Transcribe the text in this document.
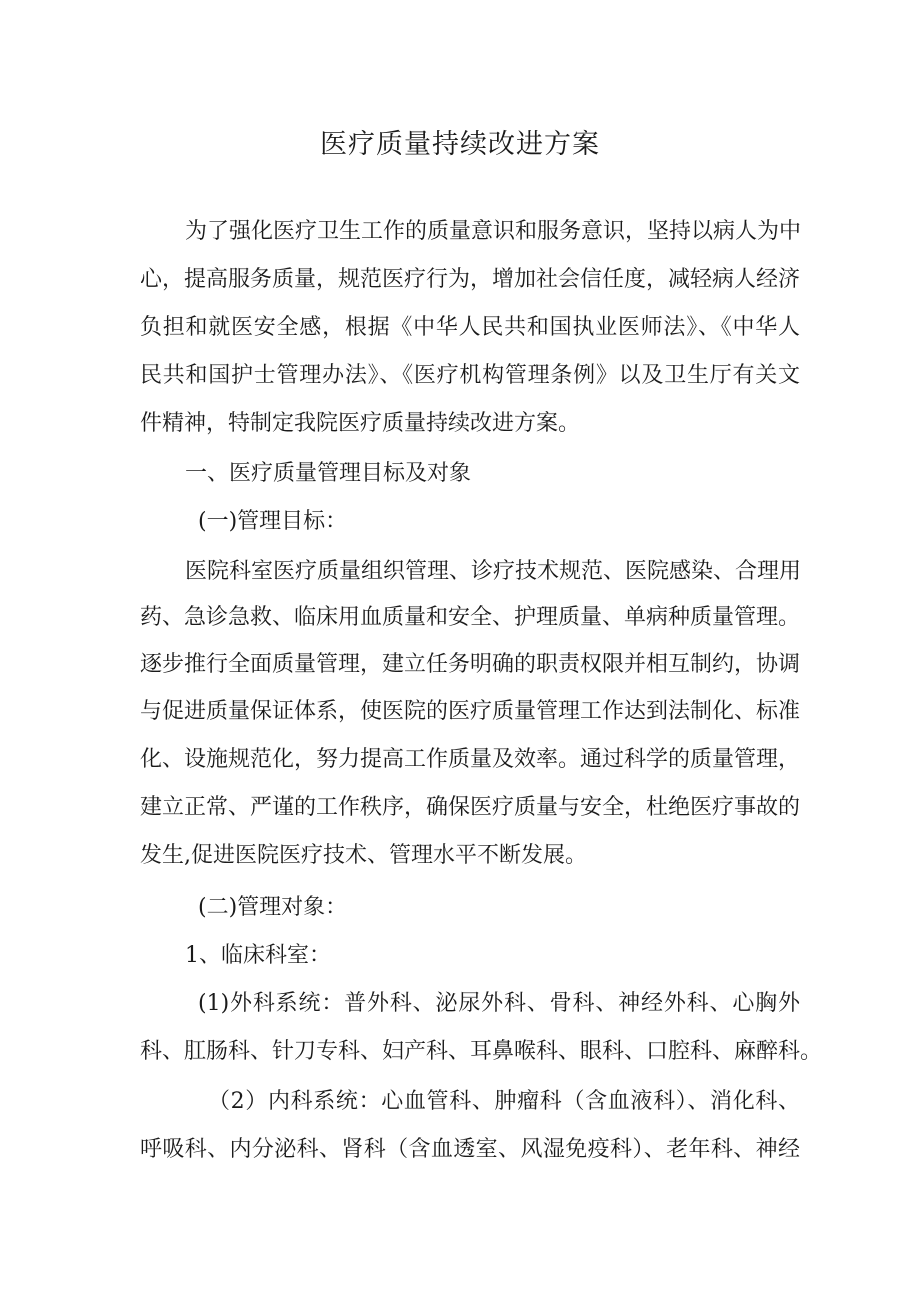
医疗质量持续改进方案

为了强化医疗卫生工作的质量意识和服务意识，坚持以病人为中

心，提高服务质量，规范医疗行为，增加社会信任度，减轻病人经济

负担和就医安全感，根据《中华人民共和国执业医师法》、《中华人

民共和国护士管理办法》、《医疗机构管理条例》以及卫生厅有关文

件精神，特制定我院医疗质量持续改进方案。

一、医疗质量管理目标及对象

(一)管理目标：

医院科室医疗质量组织管理、诊疗技术规范、医院感染、合理用

药、急诊急救、临床用血质量和安全、护理质量、单病种质量管理。

逐步推行全面质量管理，建立任务明确的职责权限并相互制约，协调

与促进质量保证体系，使医院的医疗质量管理工作达到法制化、标准

化、设施规范化，努力提高工作质量及效率。通过科学的质量管理，

建立正常、严谨的工作秩序，确保医疗质量与安全，杜绝医疗事故的

发生,促进医院医疗技术、管理水平不断发展。

(二)管理对象：

1、临床科室：

(1)外科系统：普外科、泌尿外科、骨科、神经外科、心胸外

科、肛肠科、针刀专科、妇产科、耳鼻喉科、眼科、口腔科、麻醉科。

（2）内科系统：心血管科、肿瘤科（含血液科）、消化科、

呼吸科、内分泌科、肾科（含血透室、风湿免疫科）、老年科、神经
